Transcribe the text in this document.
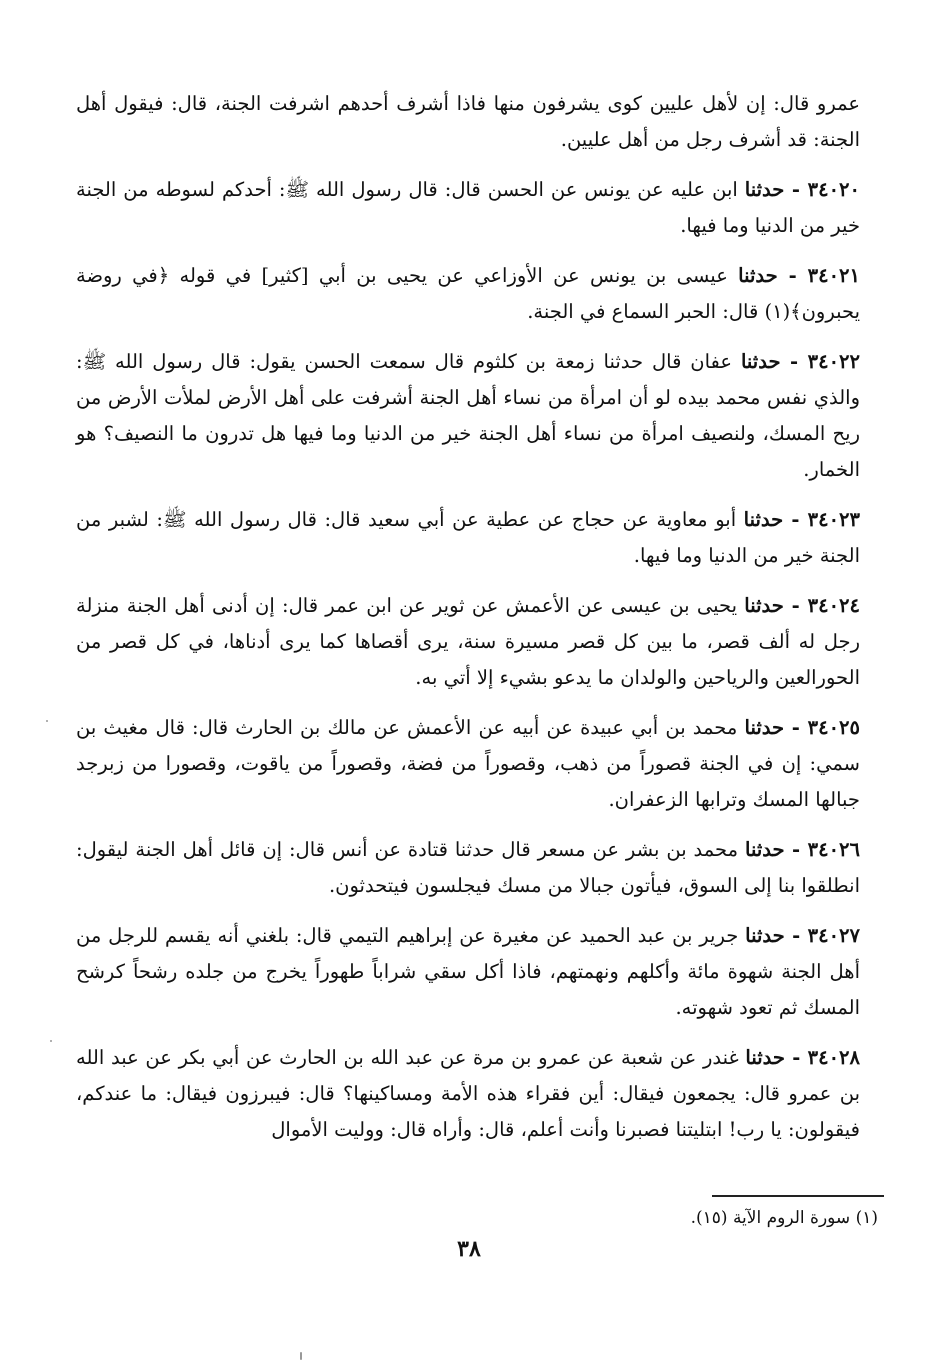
عمرو قال: إن لأهل عليين كوى يشرفون منها فاذا أشرف أحدهم اشرفت الجنة، قال: فيقول أهل الجنة: قد أشرف رجل من أهل عليين.

٣٤٠٢٠ - حدثنا ابن عليه عن يونس عن الحسن قال: قال رسول الله ﷺ: أحدكم لسوطه من الجنة خير من الدنيا وما فيها.

٣٤٠٢١ - حدثنا عيسى بن يونس عن الأوزاعي عن يحيى بن أبي [كثير] في قوله ﴿في روضة يحبرون﴾(١) قال: الحبر السماع في الجنة.

٣٤٠٢٢ - حدثنا عفان قال حدثنا زمعة بن كلثوم قال سمعت الحسن يقول: قال رسول الله ﷺ: والذي نفس محمد بيده لو أن امرأة من نساء أهل الجنة أشرفت على أهل الأرض لملأت الأرض من ريح المسك، ولنصيف امرأة من نساء أهل الجنة خير من الدنيا وما فيها هل تدرون ما النصيف؟ هو الخمار.

٣٤٠٢٣ - حدثنا أبو معاوية عن حجاج عن عطية عن أبي سعيد قال: قال رسول الله ﷺ: لشبر من الجنة خير من الدنيا وما فيها.

٣٤٠٢٤ - حدثنا يحيى بن عيسى عن الأعمش عن ثوير عن ابن عمر قال: إن أدنى أهل الجنة منزلة رجل له ألف قصر، ما بين كل قصر مسيرة سنة، يرى أقصاها كما يرى أدناها، في كل قصر من الحورالعين والرياحين والولدان ما يدعو بشيء إلا أتي به.

٣٤٠٢٥ - حدثنا محمد بن أبي عبيدة عن أبيه عن الأعمش عن مالك بن الحارث قال: قال مغيث بن سمي: إن في الجنة قصوراً من ذهب، وقصوراً من فضة، وقصوراً من ياقوت، وقصورا من زبرجد جبالها المسك وترابها الزعفران.

٣٤٠٢٦ - حدثنا محمد بن بشر عن مسعر قال حدثنا قتادة عن أنس قال: إن قائل أهل الجنة ليقول: انطلقوا بنا إلى السوق، فيأتون جبالا من مسك فيجلسون فيتحدثون.

٣٤٠٢٧ - حدثنا جرير بن عبد الحميد عن مغيرة عن إبراهيم التيمي قال: بلغني أنه يقسم للرجل من أهل الجنة شهوة مائة وأكلهم ونهمتهم، فاذا أكل سقي شراباً طهوراً يخرج من جلده رشحاً كرشح المسك ثم تعود شهوته.

٣٤٠٢٨ - حدثنا غندر عن شعبة عن عمرو بن مرة عن عبد الله بن الحارث عن أبي بكر عن عبد الله بن عمرو قال: يجمعون فيقال: أين فقراء هذه الأمة ومساكينها؟ قال: فيبرزون فيقال: ما عندكم، فيقولون: يا رب! ابتليتنا فصبرنا وأنت أعلم، قال: وأراه قال: ووليت الأموال

(١) سورة الروم الآية (١٥).
٣٨
